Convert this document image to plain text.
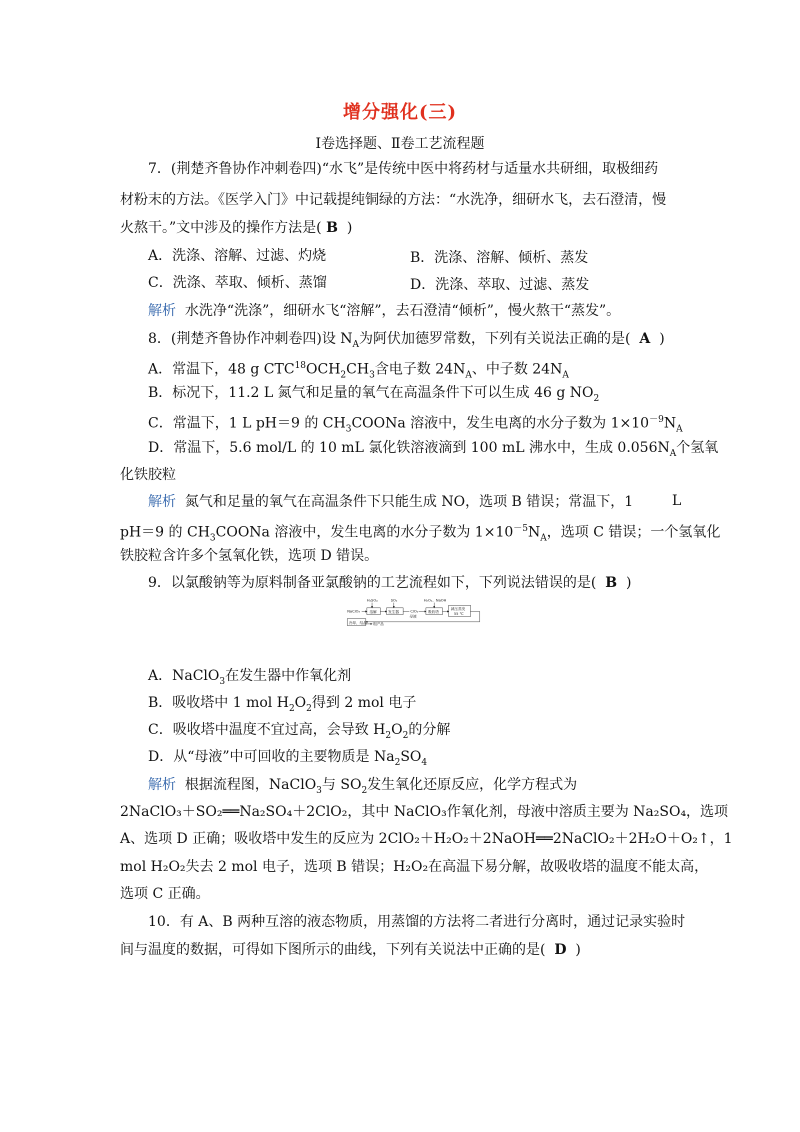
增分强化(三)
Ⅰ卷选择题、Ⅱ卷工艺流程题
7．(荆楚齐鲁协作冲刺卷四)“水飞”是传统中医中将药材与适量水共研细，取极细药
材粉末的方法。《医学入门》中记载提纯铜绿的方法：“水洗净，细研水飞，去石澄清，慢
火熬干。”文中涉及的操作方法是( B )
A．洗涤、溶解、过滤、灼烧	B．洗涤、溶解、倾析、蒸发
C．洗涤、萃取、倾析、蒸馏	D．洗涤、萃取、过滤、蒸发
解析 水洗净“洗涤”，细研水飞“溶解”，去石澄清“倾析”，慢火熬干“蒸发”。
8．(荆楚齐鲁协作冲刺卷四)设 $N_A$为阿伏加德罗常数，下列有关说法正确的是( A )
A．常温下，48 g $CTC^{18}OCH_2CH_3$含电子数 $24N_A$、中子数 $24N_A$
B．标况下，11.2 L 氮气和足量的氧气在高温条件下可以生成 46 g $NO_2$
C．常温下，1 L pH＝9 的 $CH_3COONa$ 溶液中，发生电离的水分子数为 $1\times 10^{-9}N_A$
D．常温下，5.6 mol/L 的 10 mL 氯化铁溶液滴到 100 mL 沸水中，生成 $0.056N_A$个氢氧
化铁胶粒
解析 氮气和足量的氧气在高温条件下只能生成 NO，选项 B 错误；常温下，1	L
pH＝9 的 $CH_3COONa$ 溶液中，发生电离的水分子数为 $1\times 10^{-5}N_A$，选项 C 错误；一个氢氧化
铁胶粒含许多个氢氧化铁，选项 D 错误。
9．以氯酸钠等为原料制备亚氯酸钠的工艺流程如下，下列说法错误的是( B )
NaClO₃
H₂SO₄
溶解
SO₂
发生器 ClO₂
母液
H₂O₂、NaOH
吸收塔
减压蒸发
55 ℃
冷却、结晶 粗产品
A．NaClO$_3$在发生器中作氧化剂
B．吸收塔中 1 mol $H_2O_2$得到 2 mol 电子
C．吸收塔中温度不宜过高，会导致 $H_2O_2$的分解
D．从“母液”中可回收的主要物质是 $Na_2SO_4$
解析 根据流程图，NaClO$_3$与 $SO_2$发生氧化还原反应，化学方程式为
2NaClO₃＋SO₂══Na₂SO₄＋2ClO₂，其中 NaClO₃作氧化剂，母液中溶质主要为 Na₂SO₄，选项
A、选项 D 正确；吸收塔中发生的反应为 2ClO₂＋H₂O₂＋2NaOH══2NaClO₂＋2H₂O＋O₂↑，1
mol H₂O₂失去 2 mol 电子，选项 B 错误；H₂O₂在高温下易分解，故吸收塔的温度不能太高，
选项 C 正确。
10．有 A、B 两种互溶的液态物质，用蒸馏的方法将二者进行分离时，通过记录实验时
间与温度的数据，可得如下图所示的曲线，下列有关说法中正确的是( D )
